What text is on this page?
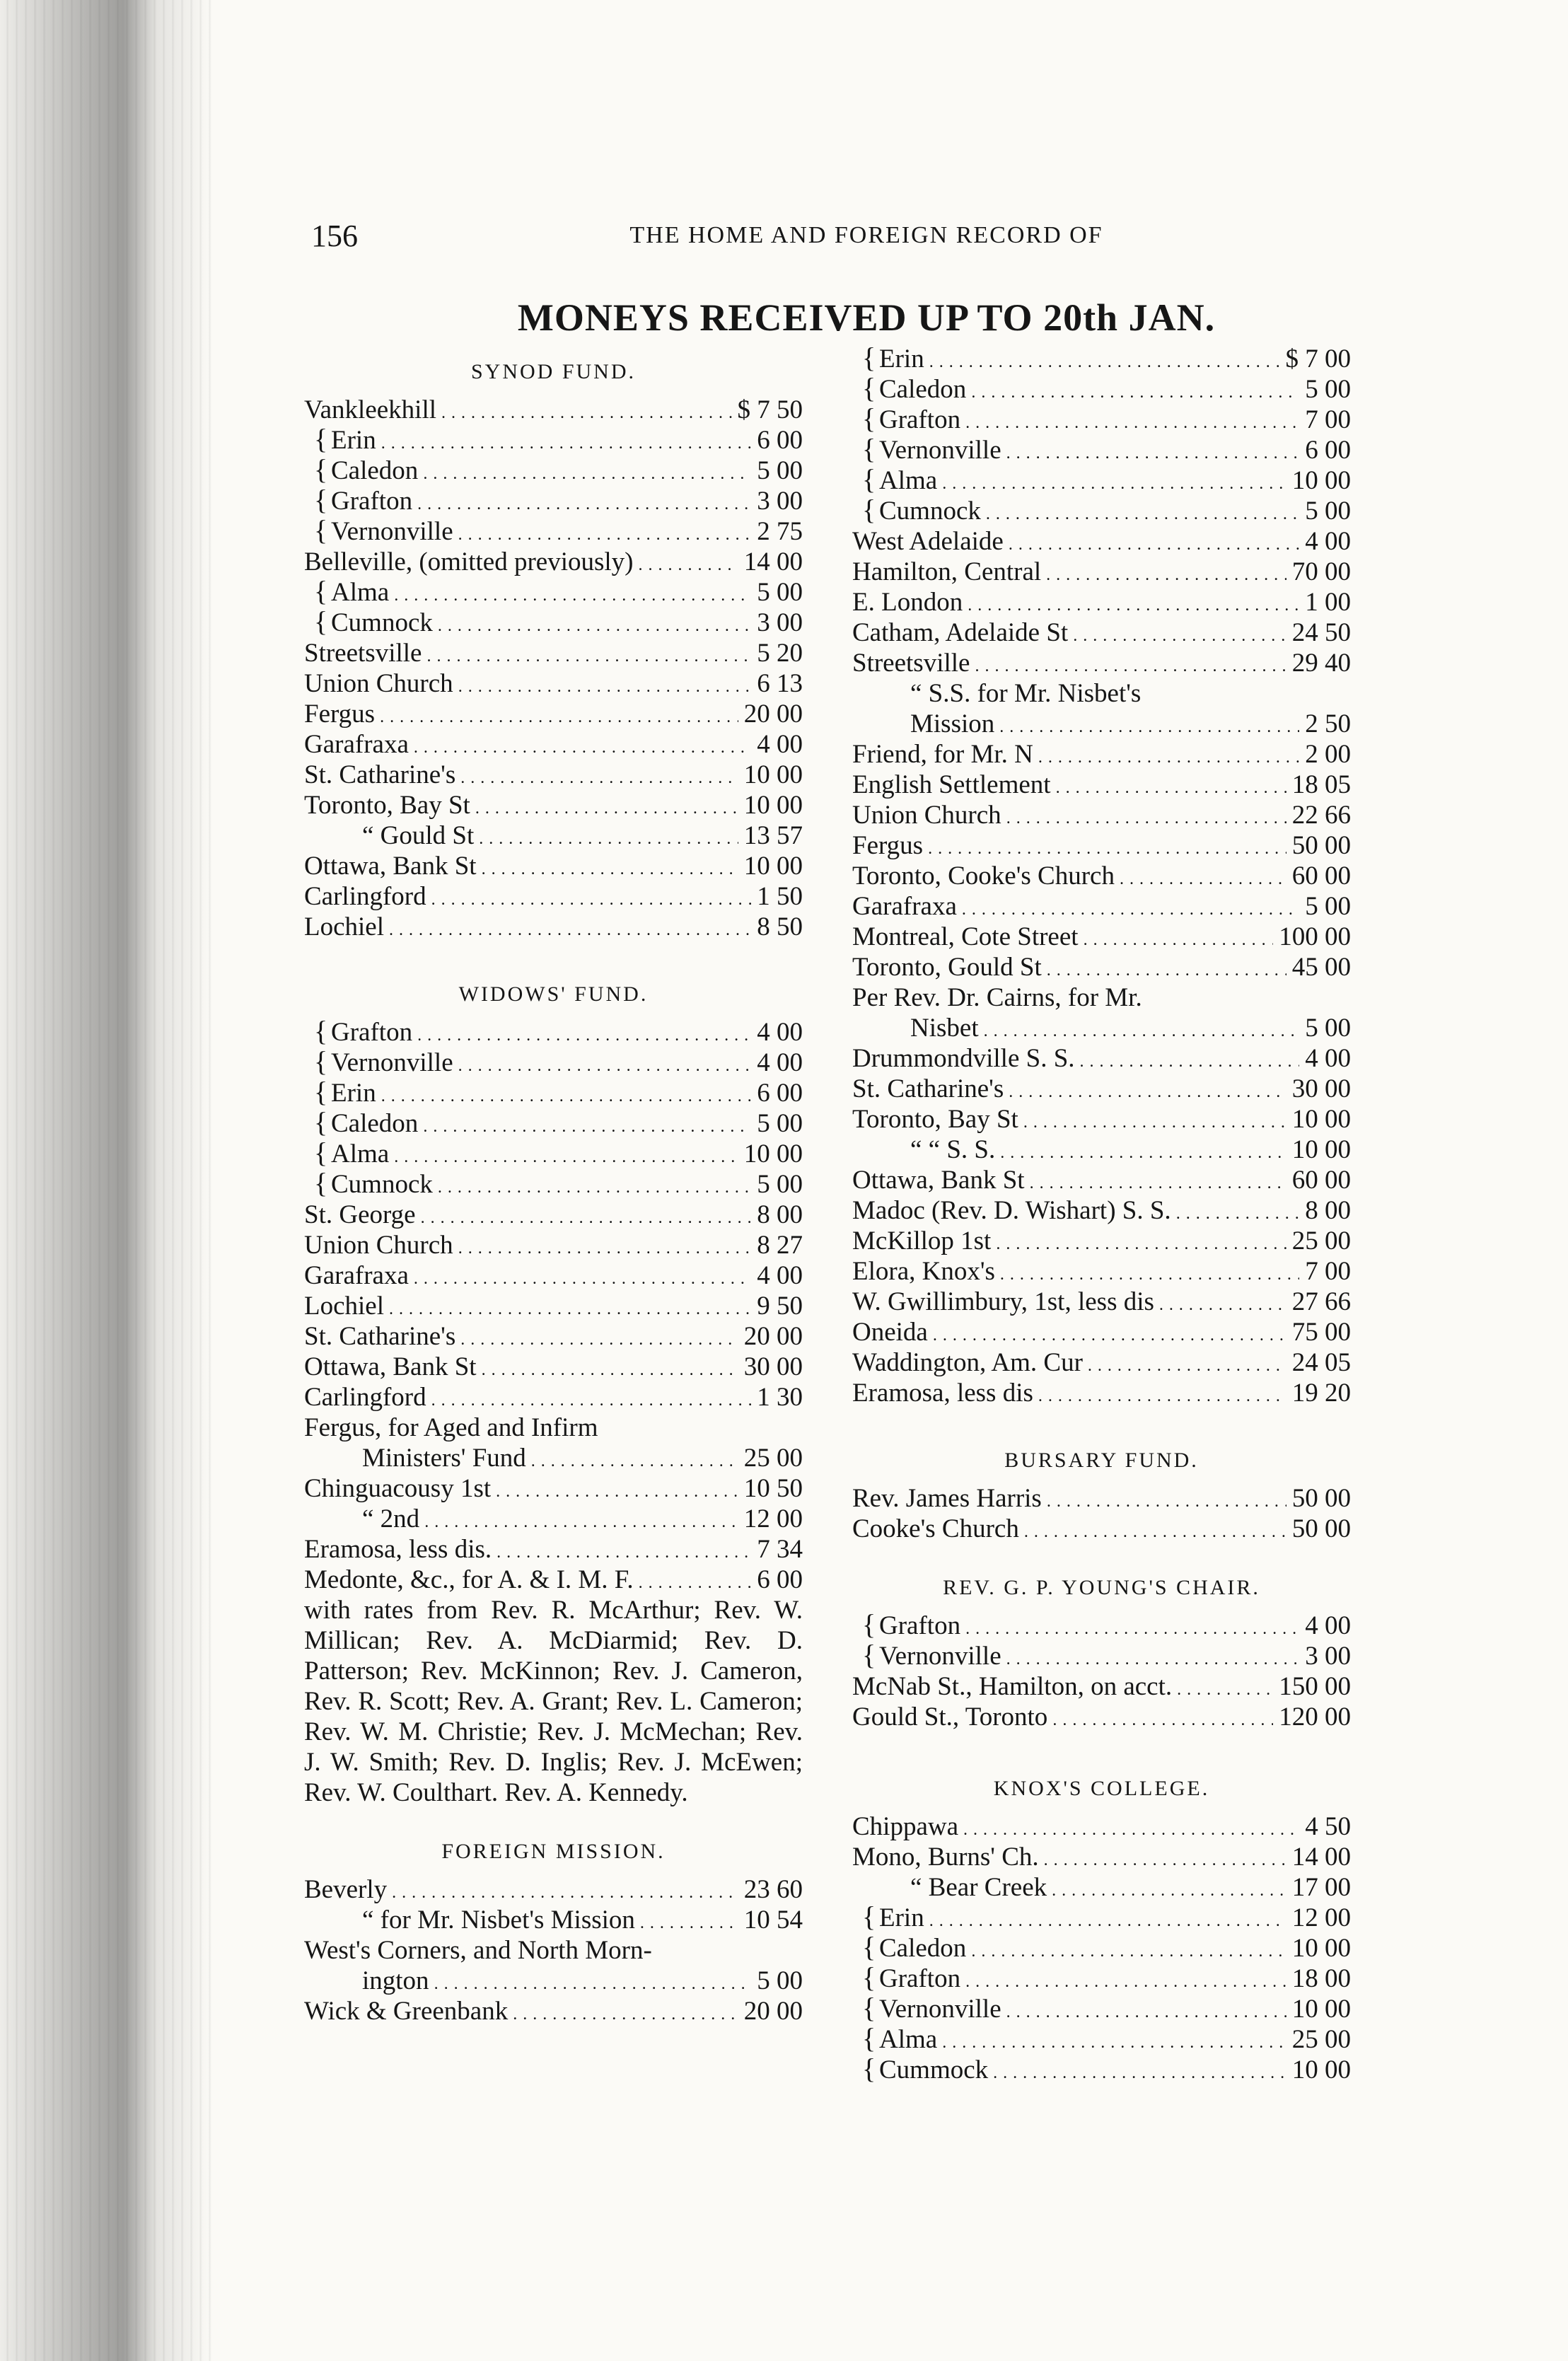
156	THE HOME AND FOREIGN RECORD OF
MONEYS RECEIVED UP TO 20th JAN.
SYNOD FUND.
Vankleekhill . . .	$ 7 50
{ Erin . . .	6 00
{ Caledon . . .	5 00
{ Grafton . . .	3 00
{ Vernonville . . .	2 75
Belleville, (omitted previously) . . .	14 00
{ Alma . . .	5 00
{ Cumnock . . .	3 00
Streetsville . . .	5 20
Union Church . . .	6 13
Fergus . . .	20 00
Garafraxa . . .	4 00
St. Catharine's . . .	10 00
Toronto, Bay St . . .	10 00
“ Gould St . . .	13 57
Ottawa, Bank St . . .	10 00
Carlingford . . .	1 50
Lochiel . . .	8 50
WIDOWS' FUND.
{ Grafton . . .	4 00
{ Vernonville . . .	4 00
{ Erin . . .	6 00
{ Caledon . . .	5 00
{ Alma . . .	10 00
{ Cumnock . . .	5 00
St. George . . .	8 00
Union Church . . .	8 27
Garafraxa . . .	4 00
Lochiel . . .	9 50
St. Catharine's . . .	20 00
Ottawa, Bank St . . .	30 00
Carlingford . . .	1 30
Fergus, for Aged and Infirm
Ministers' Fund . . .	25 00
Chinguacousy 1st . . .	10 50
“ 2nd . . .	12 00
Eramosa, less dis. . . .	7 34
Medonte, &c., for A. & I. M. F. . . .	6 00
with rates from Rev. R. McArthur; Rev. W. Millican; Rev. A. McDiarmid; Rev. D. Patterson; Rev. McKinnon; Rev. J. Cameron, Rev. R. Scott; Rev. A. Grant; Rev. L. Cameron; Rev. W. M. Christie; Rev. J. McMechan; Rev. J. W. Smith; Rev. D. Inglis; Rev. J. McEwen; Rev. W. Coulthart. Rev. A. Kennedy.
FOREIGN MISSION.
Beverly . . .	23 60
“ for Mr. Nisbet's Mission . . .	10 54
West's Corners, and North Morn-
ington . . .	5 00
Wick & Greenbank . . .	20 00
{ Erin . . .	$ 7 00
{ Caledon . . .	5 00
{ Grafton . . .	7 00
{ Vernonville . . .	6 00
{ Alma . . .	10 00
{ Cumnock . . .	5 00
West Adelaide . . .	4 00
Hamilton, Central . . .	70 00
E. London . . .	1 00
Catham, Adelaide St . . .	24 50
Streetsville . . .	29 40
“ S.S. for Mr. Nisbet's
Mission . . .	2 50
Friend, for Mr. N . . .	2 00
English Settlement . . .	18 05
Union Church . . .	22 66
Fergus . . .	50 00
Toronto, Cooke's Church . . .	60 00
Garafraxa . . .	5 00
Montreal, Cote Street . . .	100 00
Toronto, Gould St . . .	45 00
Per Rev. Dr. Cairns, for Mr.
Nisbet . . .	5 00
Drummondville S. S. . . .	4 00
St. Catharine's . . .	30 00
Toronto, Bay St . . .	10 00
“ “ S. S. . . .	10 00
Ottawa, Bank St . . .	60 00
Madoc (Rev. D. Wishart) S. S. . . .	8 00
McKillop 1st . . .	25 00
Elora, Knox's . . .	7 00
W. Gwillimbury, 1st, less dis . . .	27 66
Oneida . . .	75 00
Waddington, Am. Cur . . .	24 05
Eramosa, less dis . . .	19 20
BURSARY FUND.
Rev. James Harris . . .	50 00
Cooke's Church . . .	50 00
REV. G. P. YOUNG'S CHAIR.
{ Grafton . . .	4 00
{ Vernonville . . .	3 00
McNab St., Hamilton, on acct. . . .	150 00
Gould St., Toronto . . .	120 00
KNOX'S COLLEGE.
Chippawa . . .	4 50
Mono, Burns' Ch. . . .	14 00
“ Bear Creek . . .	17 00
{ Erin . . .	12 00
{ Caledon . . .	10 00
{ Grafton . . .	18 00
{ Vernonville . . .	10 00
{ Alma . . .	25 00
{ Cummock . . .	10 00
